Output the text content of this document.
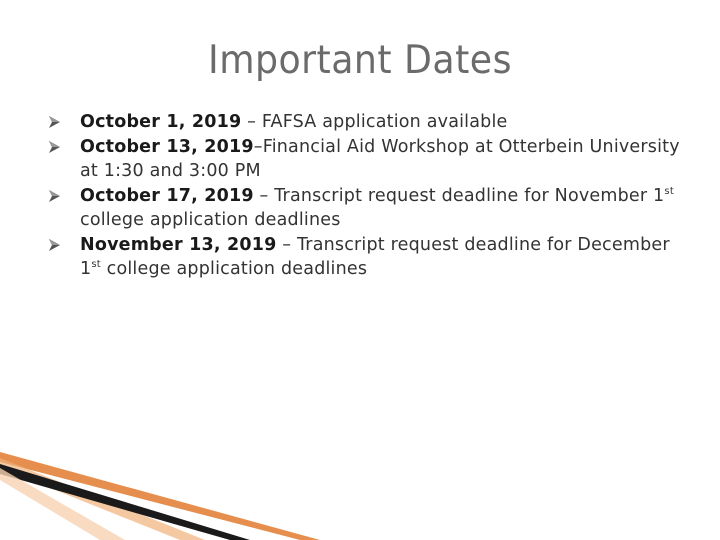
Important Dates
October 1, 2019 – FAFSA application available
October 13, 2019–Financial Aid Workshop at Otterbein University at 1:30 and 3:00 PM
October 17, 2019 – Transcript request deadline for November 1st college application deadlines
November 13, 2019 – Transcript request deadline for December 1st college application deadlines
